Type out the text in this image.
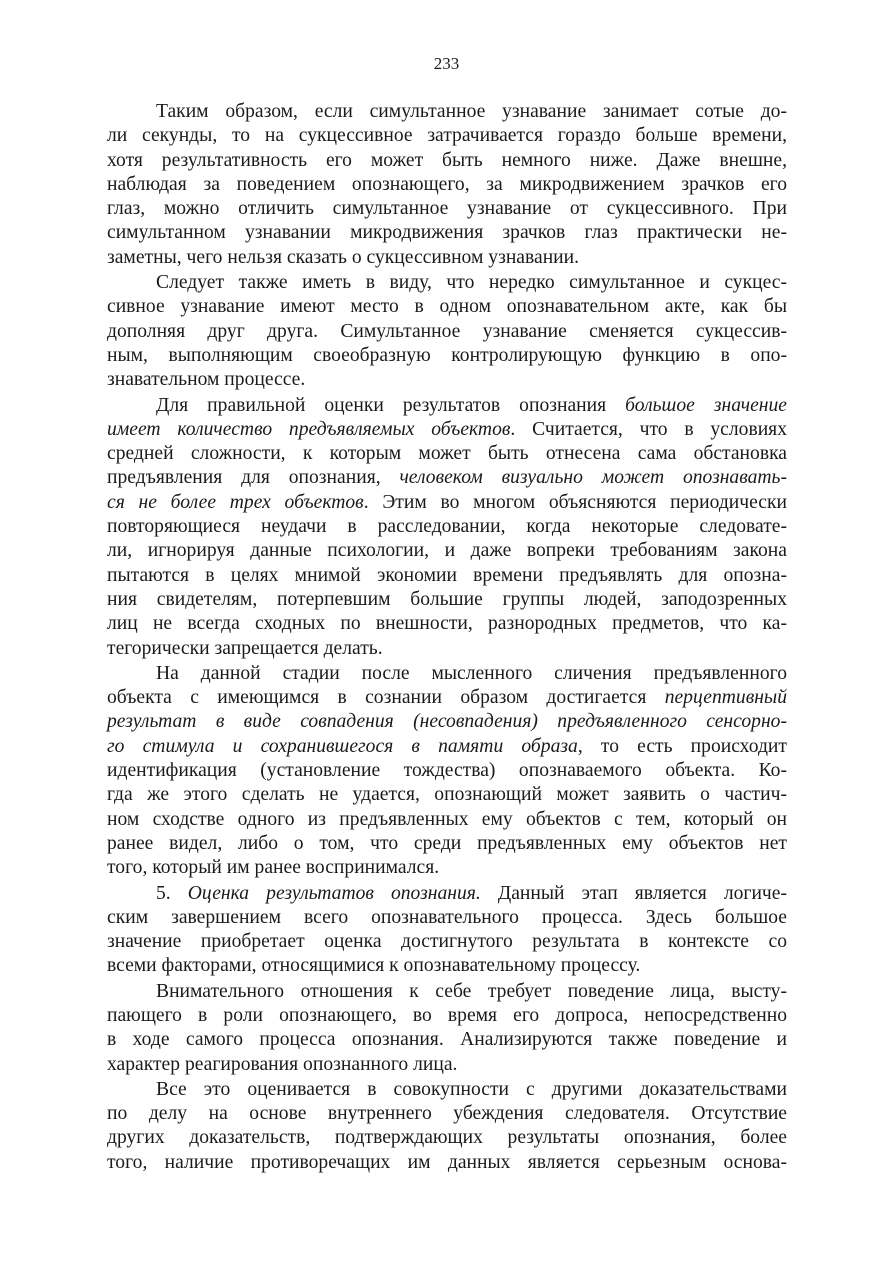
233
Таким образом, если симультанное узнавание занимает сотые до-
ли секунды, то на сукцессивное затрачивается гораздо больше времени,
хотя результативность его может быть немного ниже. Даже внешне,
наблюдая за поведением опознающего, за микродвижением зрачков его
глаз, можно отличить симультанное узнавание от сукцессивного. При
симультанном узнавании микродвижения зрачков глаз практически не-
заметны, чего нельзя сказать о сукцессивном узнавании.
Следует также иметь в виду, что нередко симультанное и сукцес-
сивное узнавание имеют место в одном опознавательном акте, как бы
дополняя друг друга. Симультанное узнавание сменяется сукцессив-
ным, выполняющим своеобразную контролирующую функцию в опо-
знавательном процессе.
Для правильной оценки результатов опознания большое значение
имеет количество предъявляемых объектов. Считается, что в условиях
средней сложности, к которым может быть отнесена сама обстановка
предъявления для опознания, человеком визуально может опознавать-
ся не более трех объектов. Этим во многом объясняются периодически
повторяющиеся неудачи в расследовании, когда некоторые следовате-
ли, игнорируя данные психологии, и даже вопреки требованиям закона
пытаются в целях мнимой экономии времени предъявлять для опозна-
ния свидетелям, потерпевшим большие группы людей, заподозренных
лиц не всегда сходных по внешности, разнородных предметов, что ка-
тегорически запрещается делать.
На данной стадии после мысленного сличения предъявленного
объекта с имеющимся в сознании образом достигается перцептивный
результат в виде совпадения (несовпадения) предъявленного сенсорно-
го стимула и сохранившегося в памяти образа, то есть происходит
идентификация (установление тождества) опознаваемого объекта. Ко-
гда же этого сделать не удается, опознающий может заявить о частич-
ном сходстве одного из предъявленных ему объектов с тем, который он
ранее видел, либо о том, что среди предъявленных ему объектов нет
того, который им ранее воспринимался.
5. Оценка результатов опознания. Данный этап является логиче-
ским завершением всего опознавательного процесса. Здесь большое
значение приобретает оценка достигнутого результата в контексте со
всеми факторами, относящимися к опознавательному процессу.
Внимательного отношения к себе требует поведение лица, высту-
пающего в роли опознающего, во время его допроса, непосредственно
в ходе самого процесса опознания. Анализируются также поведение и
характер реагирования опознанного лица.
Все это оценивается в совокупности с другими доказательствами
по делу на основе внутреннего убеждения следователя. Отсутствие
других доказательств, подтверждающих результаты опознания, более
того, наличие противоречащих им данных является серьезным основа-
